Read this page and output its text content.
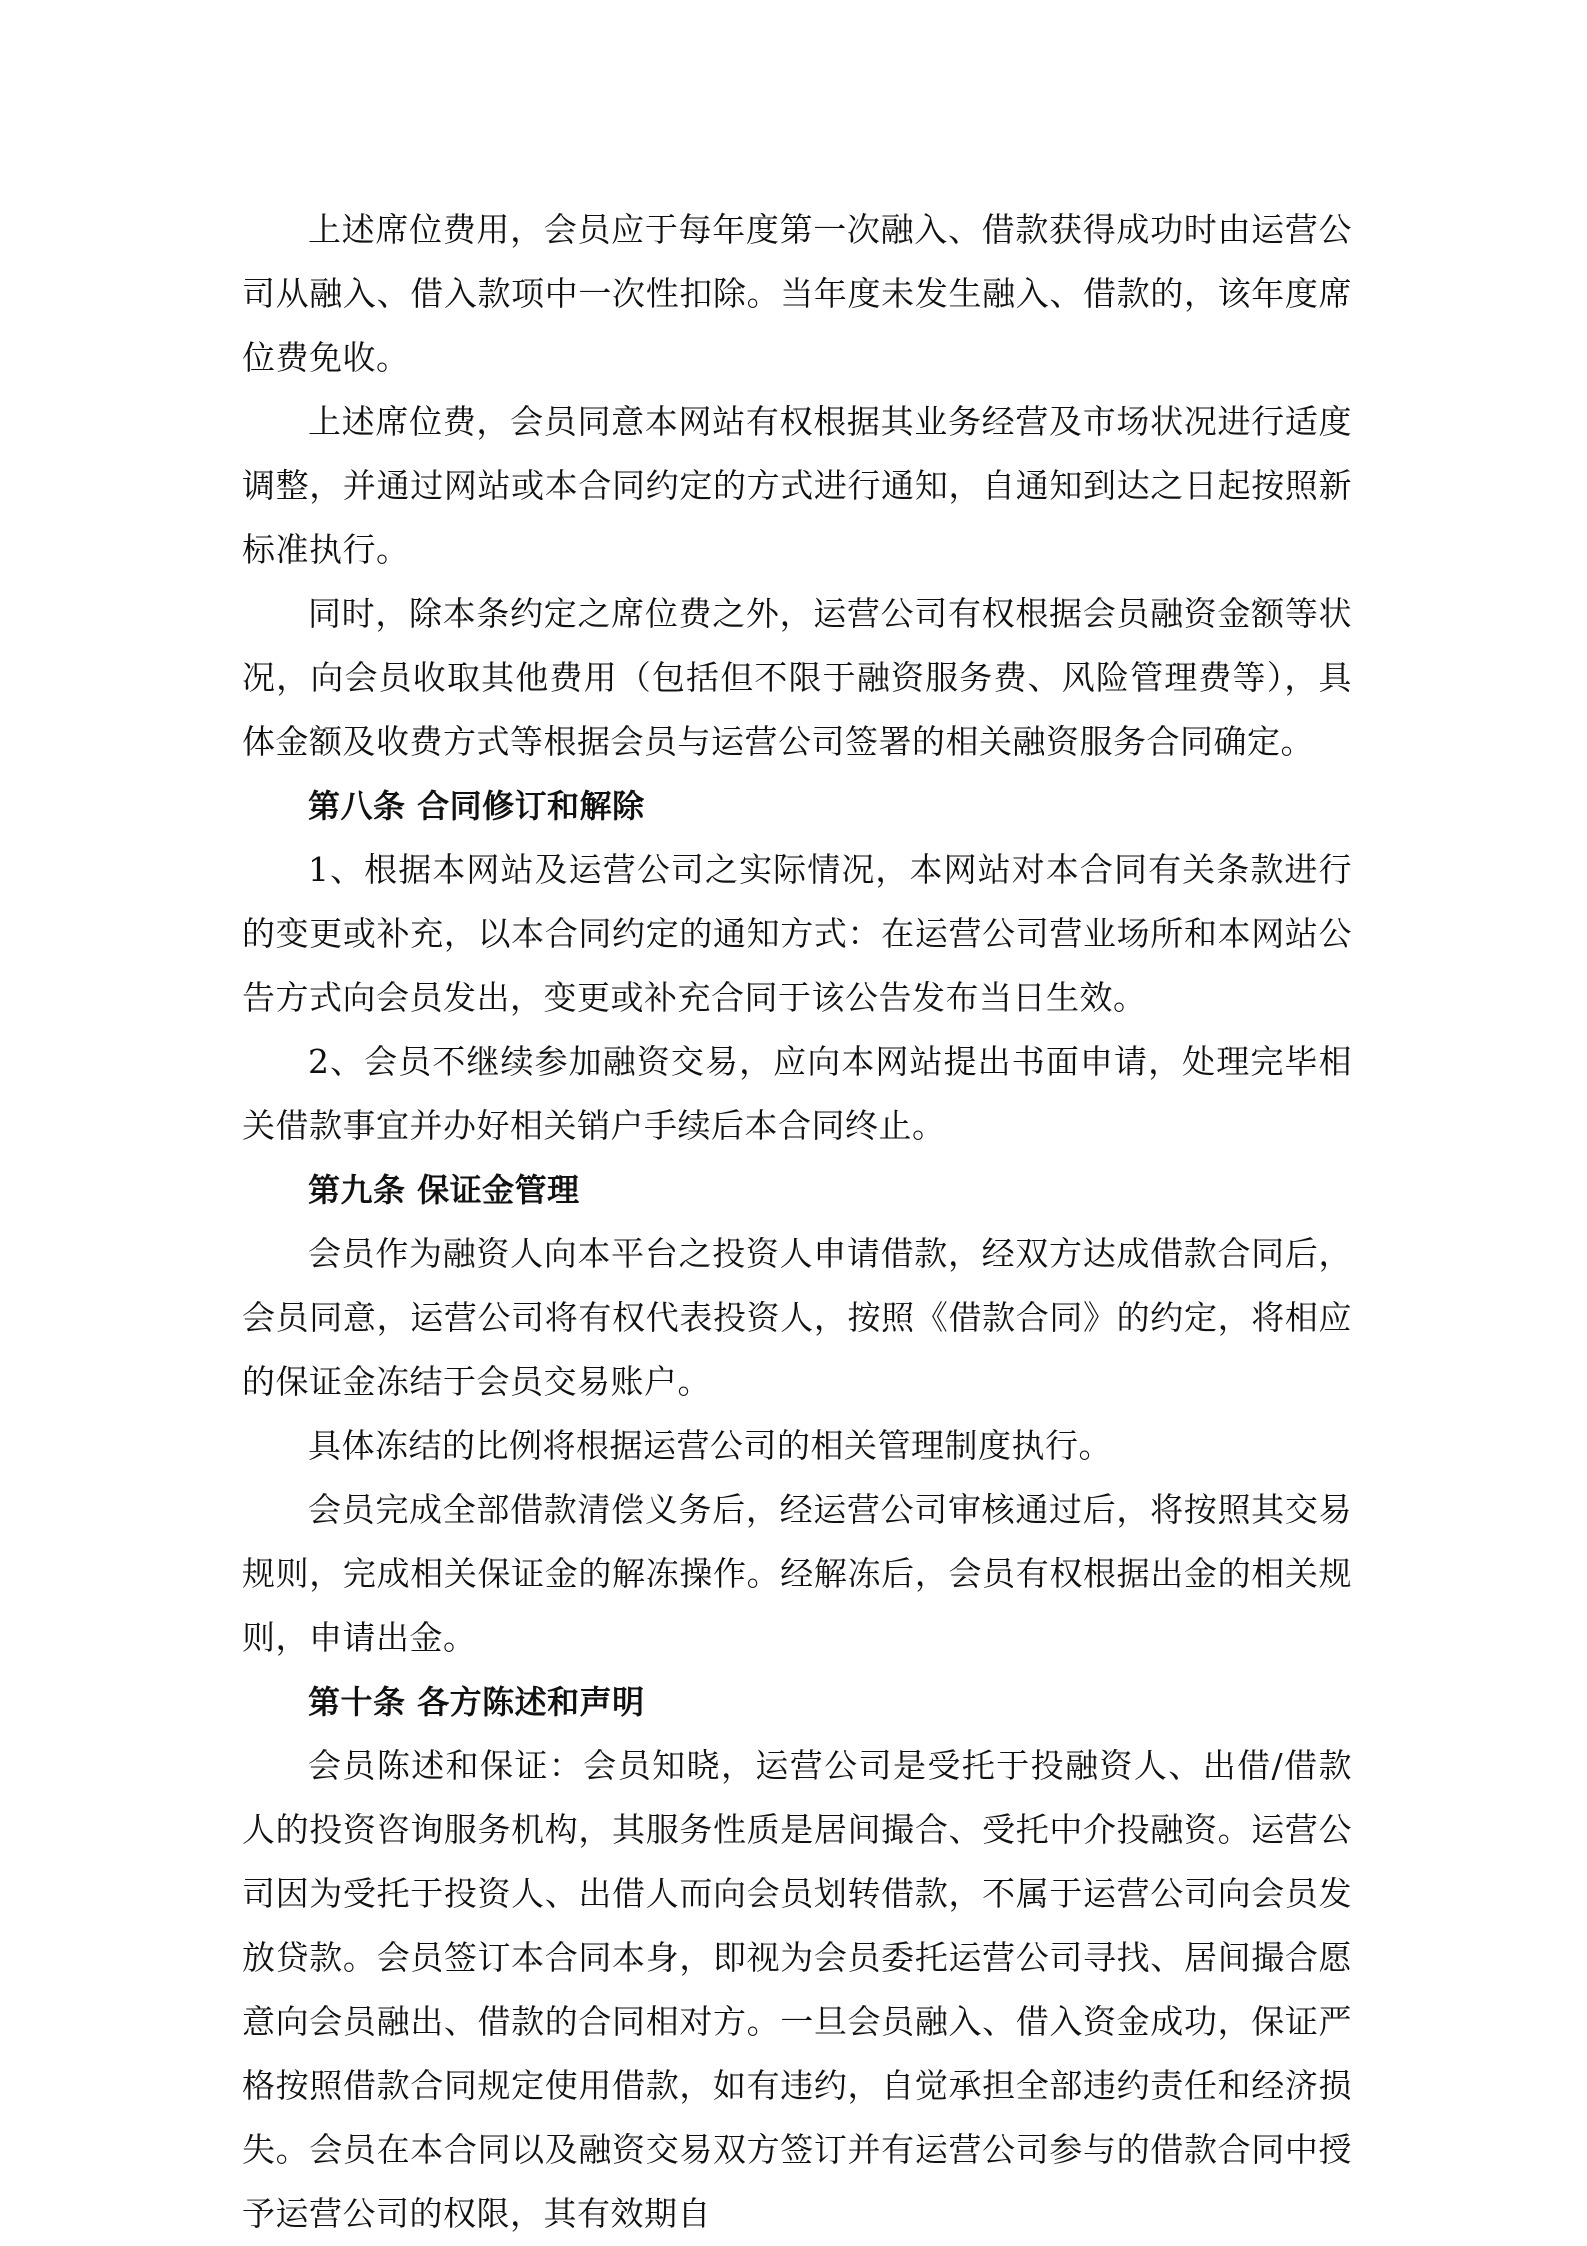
上述席位费用，会员应于每年度第一次融入、借款获得成功时由运营公司从融入、借入款项中一次性扣除。当年度未发生融入、借款的，该年度席位费免收。

上述席位费，会员同意本网站有权根据其业务经营及市场状况进行适度调整，并通过网站或本合同约定的方式进行通知，自通知到达之日起按照新标准执行。

同时，除本条约定之席位费之外，运营公司有权根据会员融资金额等状况，向会员收取其他费用（包括但不限于融资服务费、风险管理费等），具体金额及收费方式等根据会员与运营公司签署的相关融资服务合同确定。

第八条 合同修订和解除

1、根据本网站及运营公司之实际情况，本网站对本合同有关条款进行的变更或补充，以本合同约定的通知方式：在运营公司营业场所和本网站公告方式向会员发出，变更或补充合同于该公告发布当日生效。

2、会员不继续参加融资交易，应向本网站提出书面申请，处理完毕相关借款事宜并办好相关销户手续后本合同终止。

第九条 保证金管理

会员作为融资人向本平台之投资人申请借款，经双方达成借款合同后，会员同意，运营公司将有权代表投资人，按照《借款合同》的约定，将相应的保证金冻结于会员交易账户。

具体冻结的比例将根据运营公司的相关管理制度执行。

会员完成全部借款清偿义务后，经运营公司审核通过后，将按照其交易规则，完成相关保证金的解冻操作。经解冻后，会员有权根据出金的相关规则，申请出金。

第十条 各方陈述和声明

会员陈述和保证：会员知晓，运营公司是受托于投融资人、出借/借款人的投资咨询服务机构，其服务性质是居间撮合、受托中介投融资。运营公司因为受托于投资人、出借人而向会员划转借款，不属于运营公司向会员发放贷款。会员签订本合同本身，即视为会员委托运营公司寻找、居间撮合愿意向会员融出、借款的合同相对方。一旦会员融入、借入资金成功，保证严格按照借款合同规定使用借款，如有违约，自觉承担全部违约责任和经济损失。会员在本合同以及融资交易双方签订并有运营公司参与的借款合同中授予运营公司的权限，其有效期自
